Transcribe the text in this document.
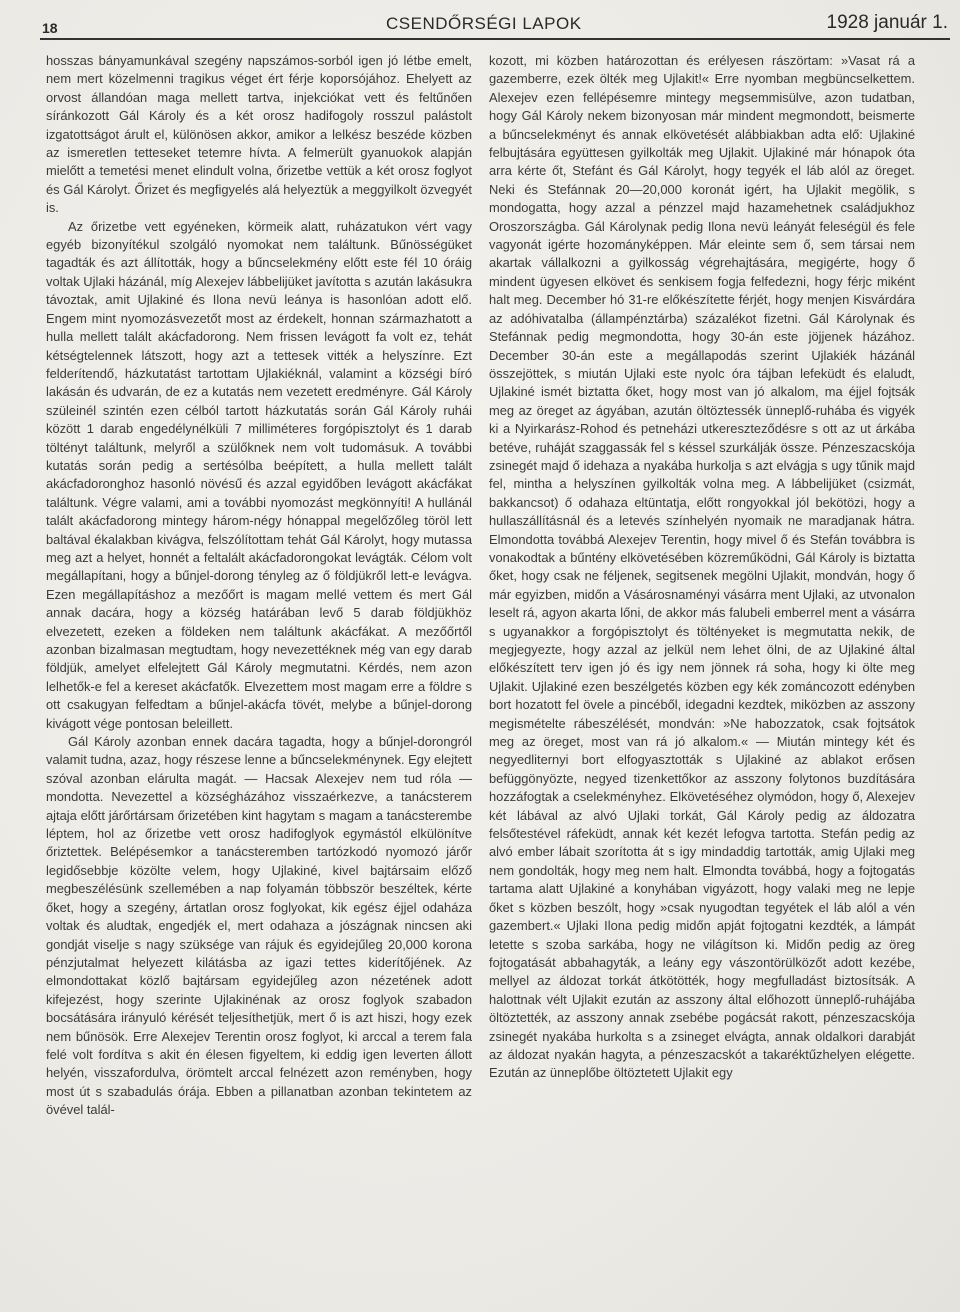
18	CSENDŐRSÉGI LAPOK	1928 január 1.

hosszas bányamunkával szegény napszámos-sorból igen jó létbe emelt, nem mert közelmenni tragikus véget ért férje koporsójához. Ehelyett az orvost állandóan maga mellett tartva, injekciókat vett és feltűnően síránkozott Gál Károly és a két orosz hadifogoly rosszul palástolt izgatottságot árult el, különösen akkor, amikor a lelkész beszéde közben az ismeretlen tetteseket tetemre hívta. A felmerült gyanuokok alapján mielőtt a temetési menet elindult volna, őrizetbe vettük a két orosz foglyot és Gál Károlyt. Őrizet és megfigyelés alá helyeztük a meggyilkolt özvegyét is.

Az őrizetbe vett egyéneken, körmeik alatt, ruházatukon vért vagy egyéb bizonyítékul szolgáló nyomokat nem találtunk. Bűnösségüket tagadták és azt állították, hogy a bűncselekmény előtt este fél 10 óráig voltak Ujlaki házánál, míg Alexejev lábbelijüket javította s azután lakásukra távoztak, amit Ujlakiné és Ilona nevü leánya is hasonlóan adott elő. Engem mint nyomozásvezetőt most az érdekelt, honnan származhatott a hulla mellett talált akácfadorong. Nem frissen levágott fa volt ez, tehát kétségtelennek látszott, hogy azt a tettesek vitték a helyszínre. Ezt felderítendő, házkutatást tartottam Ujlakiéknál, valamint a községi bíró lakásán és udvarán, de ez a kutatás nem vezetett eredményre. Gál Károly szüleinél szintén ezen célból tartott házkutatás során Gál Károly ruhái között 1 darab engedélynélküli 7 milliméteres forgópisztolyt és 1 darab töltényt találtunk, melyről a szülőknek nem volt tudomásuk. A további kutatás során pedig a sertésólba beépített, a hulla mellett talált akácfadoronghoz hasonló növésű és azzal egyidőben levágott akácfákat találtunk. Végre valami, ami a további nyomozást megkönnyíti! A hullánál talált akácfadorong mintegy három-négy hónappal megelőzőleg töröl lett baltával ékalakban kivágva, felszólítottam tehát Gál Károlyt, hogy mutassa meg azt a helyet, honnét a feltalált akácfadorongokat levágták. Célom volt megállapítani, hogy a bűnjel-dorong tényleg az ő földjükről lett-e levágva. Ezen megállapításhoz a mezőőrt is magam mellé vettem és mert Gál annak dacára, hogy a község határában levő 5 darab földjükhöz elvezetett, ezeken a földeken nem találtunk akácfákat. A mezőőrtől azonban bizalmasan megtudtam, hogy nevezettéknek még van egy darab földjük, amelyet elfelejtett Gál Károly megmutatni. Kérdés, nem azon lelhetők-e fel a kereset akácfatők. Elvezettem most magam erre a földre s ott csakugyan felfedtam a bűnjel-akácfa tövét, melybe a bűnjel-dorong kivágott vége pontosan beleillett.

Gál Károly azonban ennek dacára tagadta, hogy a bűnjel-dorongról valamit tudna, azaz, hogy részese lenne a bűncselekménynek. Egy elejtett szóval azonban elárulta magát. — Hacsak Alexejev nem tud róla — mondotta. Nevezettel a községházához visszaérkezve, a tanácsterem ajtaja előtt járőrtársam őrizetében kint hagytam s magam a tanácsterembe léptem, hol az őrizetbe vett orosz hadifoglyok egymástól elkülönítve őriztettek. Belépésemkor a tanácsteremben tartózkodó nyomozó járőr legidősebbje közölte velem, hogy Ujlakiné, kivel bajtársaim előző megbeszélésünk szellemében a nap folyamán többször beszéltek, kérte őket, hogy a szegény, ártatlan orosz foglyokat, kik egész éjjel odaháza voltak és aludtak, engedjék el, mert odahaza a jószágnak nincsen aki gondját viselje s nagy szüksége van rájuk és egyidejűleg 20,000 korona pénzjutalmat helyezett kilátásba az igazi tettes kiderítőjének. Az elmondottakat közlő bajtársam egyidejűleg azon nézetének adott kifejezést, hogy szerinte Ujlakinénak az orosz foglyok szabadon bocsátására irányuló kérését teljesíthetjük, mert ő is azt hiszi, hogy ezek nem bűnösök. Erre Alexejev Terentin orosz foglyot, ki arccal a terem fala felé volt fordítva s akit én élesen figyeltem, ki eddig igen leverten állott helyén, visszafordulva, örömtelt arccal felnézett azon reményben, hogy most út s szabadulás órája. Ebben a pillanatban azonban tekintetem az övével talál-

kozott, mi közben határozottan és erélyesen rászörtam: »Vasat rá a gazemberre, ezek ölték meg Ujlakit!« Erre nyomban megbüncselkettem. Alexejev ezen fellépésemre mintegy megsemmisülve, azon tudatban, hogy Gál Károly nekem bizonyosan már mindent megmondott, beismerte a bűncselekményt és annak elkövetését alábbiakban adta elő: Ujlakiné felbujtására együttesen gyilkolták meg Ujlakit. Ujlakiné már hónapok óta arra kérte őt, Stefánt és Gál Károlyt, hogy tegyék el láb alól az öreget. Neki és Stefánnak 20—20,000 koronát igért, ha Ujlakit megölik, s mondogatta, hogy azzal a pénzzel majd hazamehetnek családjukhoz Oroszországba. Gál Károlynak pedig Ilona nevü leányát feleségül és fele vagyonát igérte hozományképpen. Már eleinte sem ő, sem társai nem akartak vállalkozni a gyilkosság végrehajtására, megigérte, hogy ő mindent ügyesen elkövet és senkisem fogja felfedezni, hogy férjc miként halt meg. December hó 31-re előkészítette férjét, hogy menjen Kisvárdára az adóhivatalba (állampénztárba) százalékot fizetni. Gál Károlynak és Stefánnak pedig megmondotta, hogy 30-án este jöjjenek házához. December 30-án este a megállapodás szerint Ujlakiék házánál összejöttek, s miután Ujlaki este nyolc óra tájban lefeküdt és elaludt, Ujlakiné ismét biztatta őket, hogy most van jó alkalom, ma éjjel fojtsák meg az öreget az ágyában, azután öltöztessék ünneplő-ruhába és vigyék ki a Nyirkarász-Rohod és petneházi utkereszteződésre s ott az ut árkába betéve, ruháját szaggassák fel s késsel szurkálják össze. Pénzeszacskója zsinegét majd ő idehaza a nyakába hurkolja s azt elvágja s ugy tűnik majd fel, mintha a helyszínen gyilkolták volna meg. A lábbelijüket (csizmát, bakkancsot) ő odahaza eltüntatja, előtt rongyokkal jól bekötözi, hogy a hullaszállításnál és a letevés színhelyén nyomaik ne maradjanak hátra. Elmondotta továbbá Alexejev Terentin, hogy mivel ő és Stefán továbbra is vonakodtak a bűntény elkövetésében közreműködni, Gál Károly is biztatta őket, hogy csak ne féljenek, segitsenek megölni Ujlakit, mondván, hogy ő már egyizben, midőn a Vásárosnaményi vásárra ment Ujlaki, az utvonalon leselt rá, agyon akarta lőni, de akkor más falubeli emberrel ment a vásárra s ugyanakkor a forgópisztolyt és töltényeket is megmutatta nekik, de megjegyezte, hogy azzal az jelkül nem lehet ölni, de az Ujlakiné által előkészített terv igen jó és igy nem jönnek rá soha, hogy ki ölte meg Ujlakit. Ujlakiné ezen beszélgetés közben egy kék zománcozott edényben bort hozatott fel övele a pincéből, idegadni kezdtek, miközben az asszony megismételte rábeszélését, mondván: »Ne habozzatok, csak fojtsátok meg az öreget, most van rá jó alkalom.« — Miután mintegy két és negyedliternyi bort elfogyasztották s Ujlakiné az ablakot erősen befüggönyözte, negyed tizenkettőkor az asszony folytonos buzdítására hozzáfogtak a cselekményhez. Elkövetéséhez olymódon, hogy ő, Alexejev két lábával az alvó Ujlaki torkát, Gál Károly pedig az áldozatra felsőtestével ráfeküdt, annak két kezét lefogva tartotta. Stefán pedig az alvó ember lábait szorította át s igy mindaddig tartották, amig Ujlaki meg nem gondolták, hogy meg nem halt. Elmondta továbbá, hogy a fojtogatás tartama alatt Ujlakiné a konyhában vigyázott, hogy valaki meg ne lepje őket s közben beszólt, hogy »csak nyugodtan tegyétek el láb alól a vén gazembert.« Ujlaki Ilona pedig midőn apját fojtogatni kezdték, a lámpát letette s szoba sarkába, hogy ne világítson ki. Midőn pedig az öreg fojtogatását abbahagyták, a leány egy vászontörülközőt adott kezébe, mellyel az áldozat torkát átkötötték, hogy megfulladást biztosítsák. A halottnak vélt Ujlakit ezután az asszony által előhozott ünneplő-ruhájába öltöztették, az asszony annak zsebébe pogácsát rakott, pénzeszacskója zsinegét nyakába hurkolta s a zsineget elvágta, annak oldalkori darabját az áldozat nyakán hagyta, a pénzeszacskót a takaréktűzhelyen elégette. Ezután az ünneplőbe öltöztetett Ujlakit egy
